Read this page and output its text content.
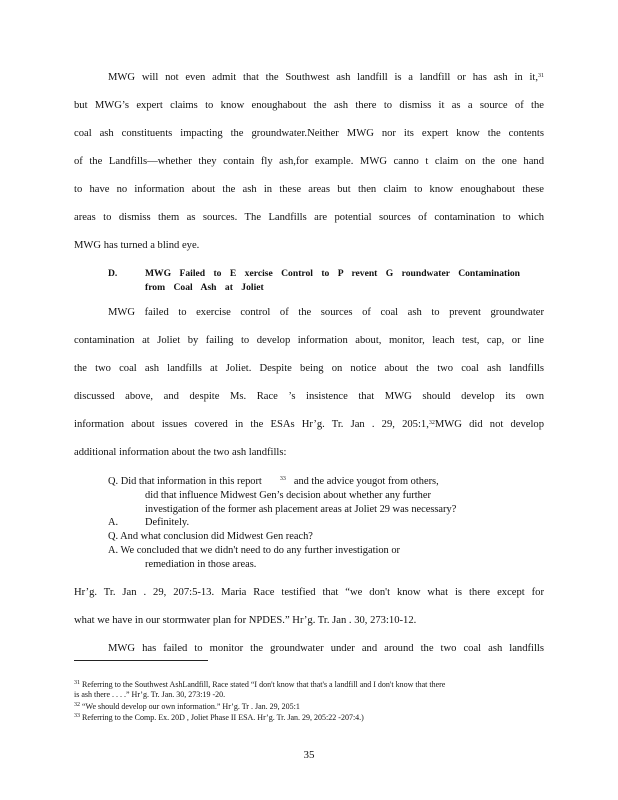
MWG will not even admit that the Southwest ash landfill is a landfill or has ash in it,$^{31}$
but MWG’s expert claims to know enoughabout the ash there to dismiss it as a source of the
coal ash constituents impacting the groundwater.Neither MWG nor its expert know the contents
of the Landfills—whether they contain fly ash,for example. MWG canno t claim on the one hand
to have no information about the ash in these areas but then claim to know enoughabout these
areas to dismiss them as sources. The Landfills are potential sources of contamination to which
MWG has turned a blind eye.
D.	MWG Failed to E xercise Control to P revent G roundwater Contamination
from Coal Ash at Joliet
MWG failed to exercise control of the sources of coal ash to prevent groundwater
contamination at Joliet by failing to develop information about, monitor, leach test, cap, or line
the two coal ash landfills at Joliet. Despite being on notice about the two coal ash landfills
discussed above, and despite Ms. Race ’s insistence that MWG should develop its own
information about issues covered in the ESAs Hr’g. Tr. Jan . 29, 205:1,32MWG did not develop
additional information about the two ash landfills:
Q. Did that information in this report	$^{33}$ and the advice yougot from others,
did that influence Midwest Gen’s decision about whether any further
investigation of the former ash placement areas at Joliet 29 was necessary?
A.	Definitely.
Q. And what conclusion did Midwest Gen reach?
A. We concluded that we didn't need to do any further investigation or
remediation in those areas.
Hr’g. Tr. Jan . 29, 207:5-13. Maria Race testified that “we don't know what is there except for
what we have in our stormwater plan for NPDES.” Hr’g. Tr. Jan . 30, 273:10-12.
MWG has failed to monitor the groundwater under and around the two coal ash landfills
$^{31}$ Referring to the Southwest AshLandfill, Race stated “I don't know that that's a landfill and I don't know that there
is ash there . . . .” Hr’g. Tr. Jan. 30, 273:19 -20.
$^{32}$ “We should develop our own information.” Hr’g. Tr . Jan. 29, 205:1
$^{33}$ Referring to the Comp. Ex. 20D , Joliet Phase II ESA. Hr’g. Tr. Jan. 29, 205:22 -207:4.)
35
